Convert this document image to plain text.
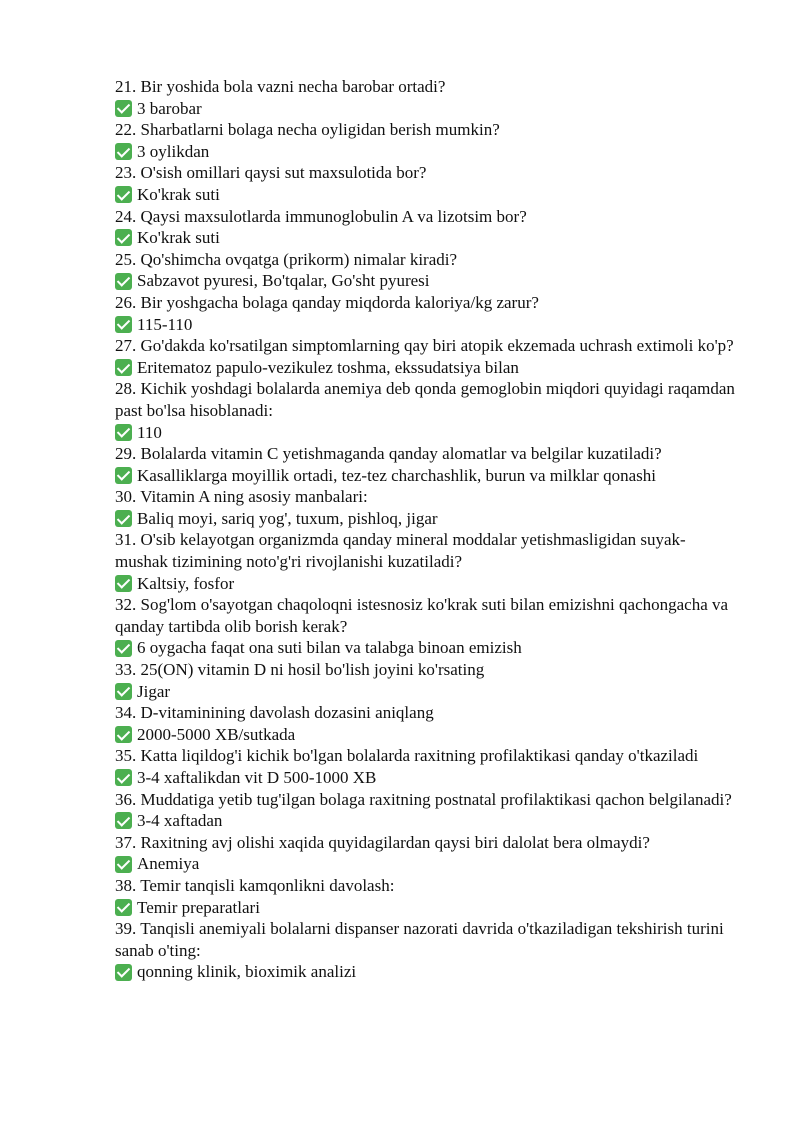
21. Bir yoshida bola vazni necha barobar ortadi?

3 barobar

22. Sharbatlarni bolaga necha oyligidan berish mumkin?

3 oylikdan

23. O'sish omillari qaysi sut maxsulotida bor?

Ko'krak suti

24. Qaysi maxsulotlarda immunoglobulin A va lizotsim bor?

Ko'krak suti

25. Qo'shimcha ovqatga (prikorm) nimalar kiradi?

Sabzavot pyuresi, Bo'tqalar, Go'sht pyuresi

26. Bir yoshgacha bolaga qanday miqdorda kaloriya/kg zarur?

115-110

27. Go'dakda ko'rsatilgan simptomlarning qay biri atopik ekzemada uchrash extimoli ko'p?

Eritematoz papulo-vezikulez toshma, ekssudatsiya bilan

28. Kichik yoshdagi bolalarda anemiya deb qonda gemoglobin miqdori quyidagi raqamdan past bo'lsa hisoblanadi:

110

29. Bolalarda vitamin C yetishmaganda qanday alomatlar va belgilar kuzatiladi?

Kasalliklarga moyillik ortadi, tez-tez charchashlik, burun va milklar qonashi

30. Vitamin A ning asosiy manbalari:

Baliq moyi, sariq yog', tuxum, pishloq, jigar

31. O'sib kelayotgan organizmda qanday mineral moddalar yetishmasligidan suyak-mushak tizimining noto'g'ri rivojlanishi kuzatiladi?

Kaltsiy, fosfor

32. Sog'lom o'sayotgan chaqoloqni istesnosiz ko'krak suti bilan emizishni qachongacha va qanday tartibda olib borish kerak?

6 oygacha faqat ona suti bilan va talabga binoan emizish

33. 25(ON) vitamin D ni hosil bo'lish joyini ko'rsating

Jigar

34. D-vitaminining davolash dozasini aniqlang

2000-5000 XB/sutkada

35. Katta liqildog'i kichik bo'lgan bolalarda raxitning profilaktikasi qanday o'tkaziladi

3-4 xaftalikdan vit D 500-1000 XB

36. Muddatiga yetib tug'ilgan bolaga raxitning postnatal profilaktikasi qachon belgilanadi?

3-4 xaftadan

37. Raxitning avj olishi xaqida quyidagilardan qaysi biri dalolat bera olmaydi?

Anemiya

38. Temir tanqisli kamqonlikni davolash:

Temir preparatlari

39. Tanqisli anemiyali bolalarni dispanser nazorati davrida o'tkaziladigan tekshirish turini sanab o'ting:

qonning klinik, bioximik analizi
